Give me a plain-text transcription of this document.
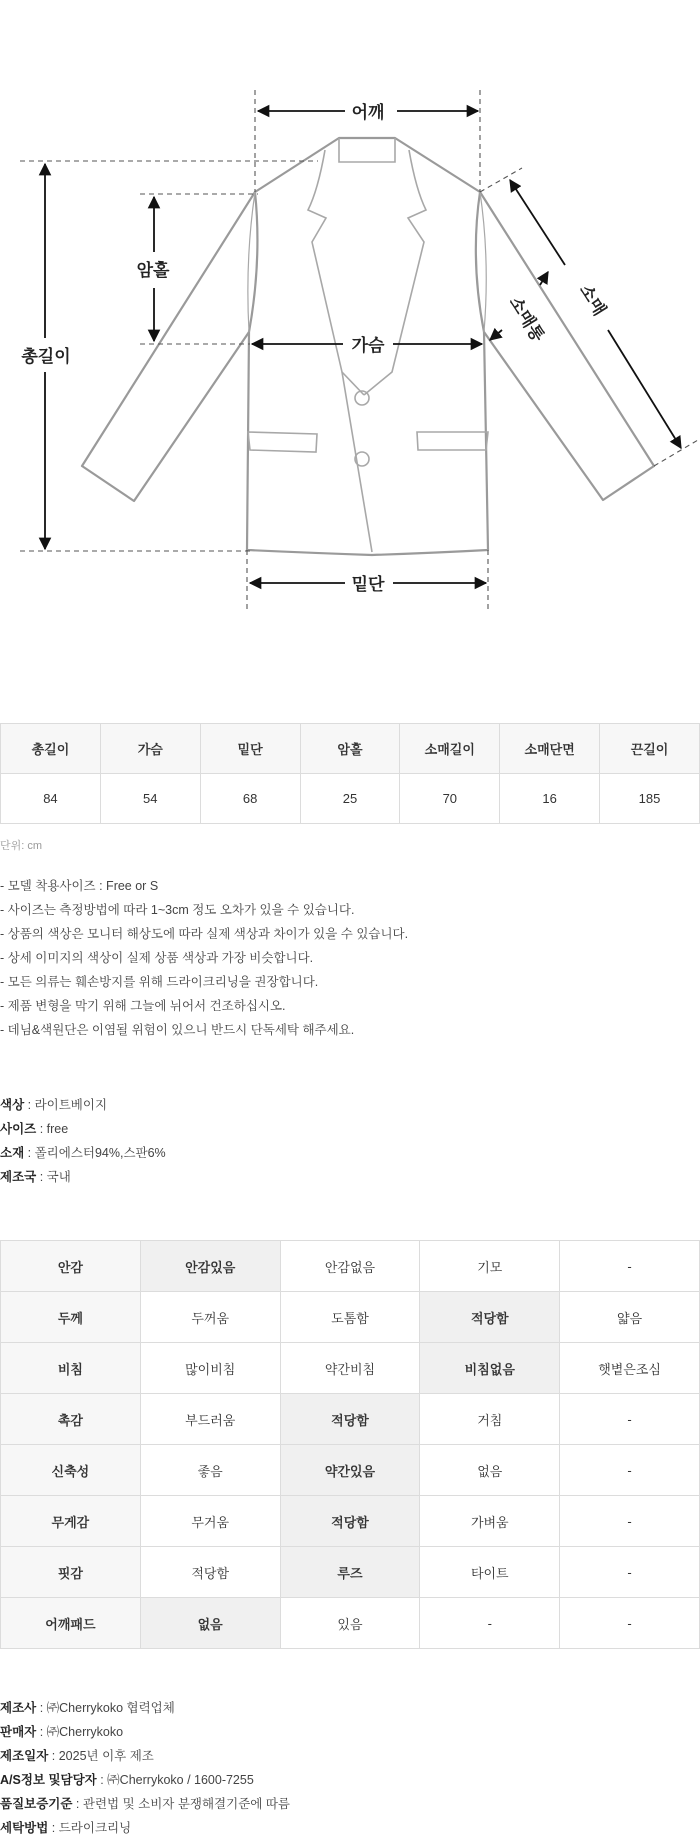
어깨
암홀
총길이
가슴
밑단
소매
소매통
총길이	가슴	밑단	암홀	소매길이	소매단면	끈길이
84	54	68	25	70	16	185
단위: cm
- 모델 착용사이즈 : Free or S
- 사이즈는 측정방법에 따라 1~3cm 정도 오차가 있을 수 있습니다.
- 상품의 색상은 모니터 해상도에 따라 실제 색상과 차이가 있을 수 있습니다.
- 상세 이미지의 색상이 실제 상품 색상과 가장 비슷합니다.
- 모든 의류는 훼손방지를 위해 드라이크리닝을 권장합니다.
- 제품 변형을 막기 위해 그늘에 뉘어서 건조하십시오.
- 데님&색원단은 이염될 위험이 있으니 반드시 단독세탁 해주세요.
색상 : 라이트베이지
사이즈 : free
소재 : 폴리에스터94%,스판6%
제조국 : 국내
안감	안감있음	안감없음	기모	-
두께	두꺼움	도톰함	적당함	얇음
비침	많이비침	약간비침	비침없음	햇볕은조심
촉감	부드러움	적당함	거침	-
신축성	좋음	약간있음	없음	-
무게감	무거움	적당함	가벼움	-
핏감	적당함	루즈	타이트	-
어깨패드	없음	있음	-	-
제조사 : ㈜Cherrykoko 협력업체
판매자 : ㈜Cherrykoko
제조일자 : 2025년 이후 제조
A/S정보 및담당자 : ㈜Cherrykoko / 1600-7255
품질보증기준 : 관련법 및 소비자 분쟁해결기준에 따름
세탁방법 : 드라이크리닝
